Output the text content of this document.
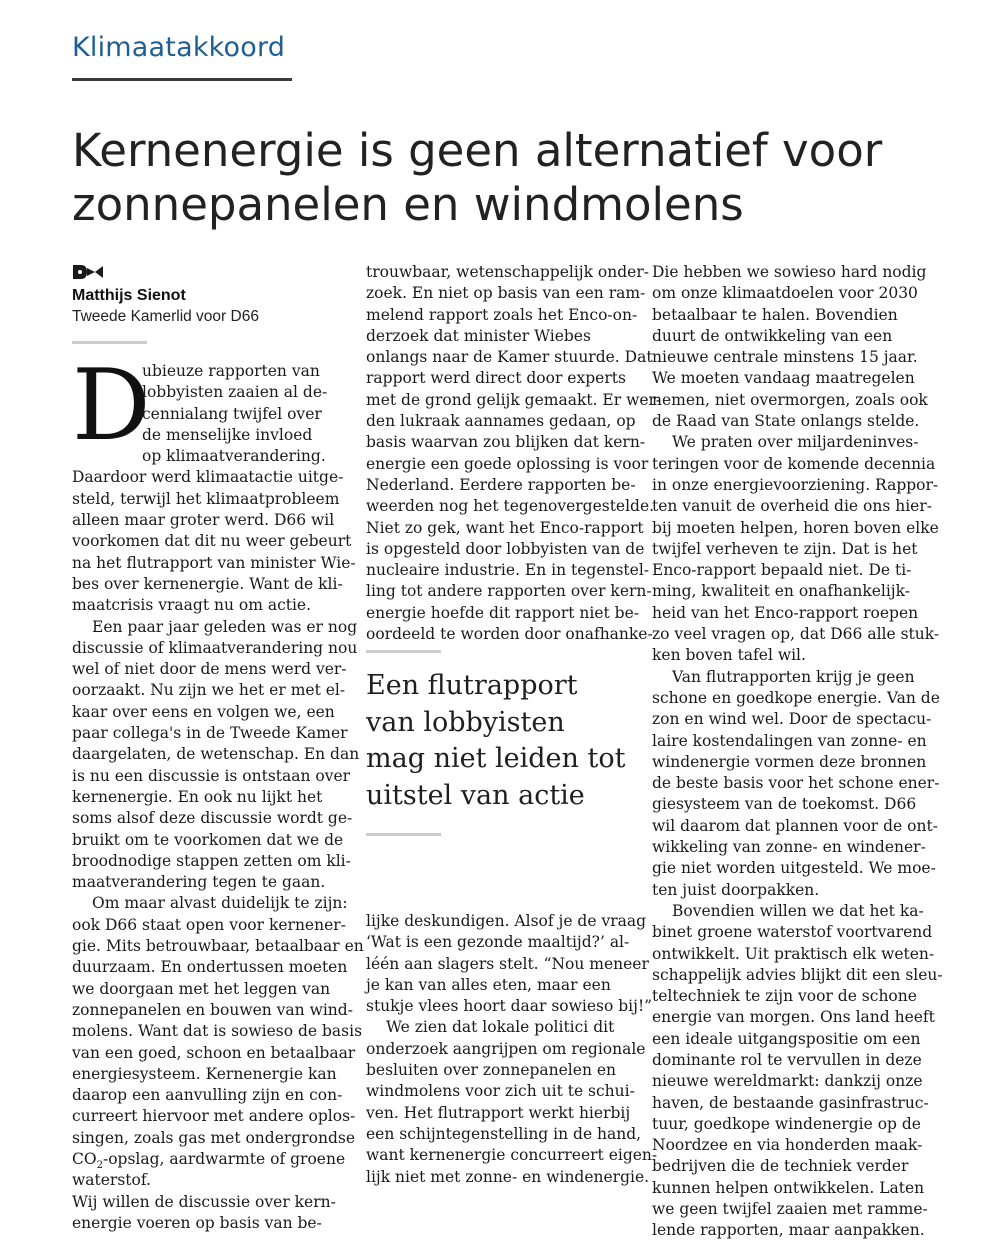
Klimaatakkoord
Kernenergie is geen alternatief voor
zonnepanelen en windmolens
Matthijs Sienot
Tweede Kamerlid voor D66
D
ubieuze rapporten van
lobbyisten zaaien al de-
cennialang twijfel over
de menselijke invloed
op klimaatverandering.
Daardoor werd klimaatactie uitge-
steld, terwijl het klimaatprobleem
alleen maar groter werd. D66 wil
voorkomen dat dit nu weer gebeurt
na het flutrapport van minister Wie-
bes over kernenergie. Want de kli-
maatcrisis vraagt nu om actie.
Een paar jaar geleden was er nog
discussie of klimaatverandering nou
wel of niet door de mens werd ver-
oorzaakt. Nu zijn we het er met el-
kaar over eens en volgen we, een
paar collega's in de Tweede Kamer
daargelaten, de wetenschap. En dan
is nu een discussie is ontstaan over
kernenergie. En ook nu lijkt het
soms alsof deze discussie wordt ge-
bruikt om te voorkomen dat we de
broodnodige stappen zetten om kli-
maatverandering tegen te gaan.
Om maar alvast duidelijk te zijn:
ook D66 staat open voor kernener-
gie. Mits betrouwbaar, betaalbaar en
duurzaam. En ondertussen moeten
we doorgaan met het leggen van
zonnepanelen en bouwen van wind-
molens. Want dat is sowieso de basis
van een goed, schoon en betaalbaar
energiesysteem. Kernenergie kan
daarop een aanvulling zijn en con-
curreert hiervoor met andere oplos-
singen, zoals gas met ondergrondse
$CO_2$-opslag, aardwarmte of groene
waterstof.
Wij willen de discussie over kern-
energie voeren op basis van be-
trouwbaar, wetenschappelijk onder-
zoek. En niet op basis van een ram-
melend rapport zoals het Enco-on-
derzoek dat minister Wiebes
onlangs naar de Kamer stuurde. Dat
rapport werd direct door experts
met de grond gelijk gemaakt. Er wer-
den lukraak aannames gedaan, op
basis waarvan zou blijken dat kern-
energie een goede oplossing is voor
Nederland. Eerdere rapporten be-
weerden nog het tegenovergestelde.
Niet zo gek, want het Enco-rapport
is opgesteld door lobbyisten van de
nucleaire industrie. En in tegenstel-
ling tot andere rapporten over kern-
energie hoefde dit rapport niet be-
oordeeld te worden door onafhanke-
Een flutrapport
van lobbyisten
mag niet leiden tot
uitstel van actie
lijke deskundigen. Alsof je de vraag
‘Wat is een gezonde maaltijd?’ al-
léén aan slagers stelt. “Nou meneer
je kan van alles eten, maar een
stukje vlees hoort daar sowieso bij!”
We zien dat lokale politici dit
onderzoek aangrijpen om regionale
besluiten over zonnepanelen en
windmolens voor zich uit te schui-
ven. Het flutrapport werkt hierbij
een schijntegenstelling in de hand,
want kernenergie concurreert eigen-
lijk niet met zonne- en windenergie.
Die hebben we sowieso hard nodig
om onze klimaatdoelen voor 2030
betaalbaar te halen. Bovendien
duurt de ontwikkeling van een
nieuwe centrale minstens 15 jaar.
We moeten vandaag maatregelen
nemen, niet overmorgen, zoals ook
de Raad van State onlangs stelde.
We praten over miljardeninves-
teringen voor de komende decennia
in onze energievoorziening. Rappor-
ten vanuit de overheid die ons hier-
bij moeten helpen, horen boven elke
twijfel verheven te zijn. Dat is het
Enco-rapport bepaald niet. De ti-
ming, kwaliteit en onafhankelijk-
heid van het Enco-rapport roepen
zo veel vragen op, dat D66 alle stuk-
ken boven tafel wil.
Van flutrapporten krijg je geen
schone en goedkope energie. Van de
zon en wind wel. Door de spectacu-
laire kostendalingen van zonne- en
windenergie vormen deze bronnen
de beste basis voor het schone ener-
giesysteem van de toekomst. D66
wil daarom dat plannen voor de ont-
wikkeling van zonne- en windener-
gie niet worden uitgesteld. We moe-
ten juist doorpakken.
Bovendien willen we dat het ka-
binet groene waterstof voortvarend
ontwikkelt. Uit praktisch elk weten-
schappelijk advies blijkt dit een sleu-
teltechniek te zijn voor de schone
energie van morgen. Ons land heeft
een ideale uitgangspositie om een
dominante rol te vervullen in deze
nieuwe wereldmarkt: dankzij onze
haven, de bestaande gasinfrastruc-
tuur, goedkope windenergie op de
Noordzee en via honderden maak-
bedrijven die de techniek verder
kunnen helpen ontwikkelen. Laten
we geen twijfel zaaien met ramme-
lende rapporten, maar aanpakken.
